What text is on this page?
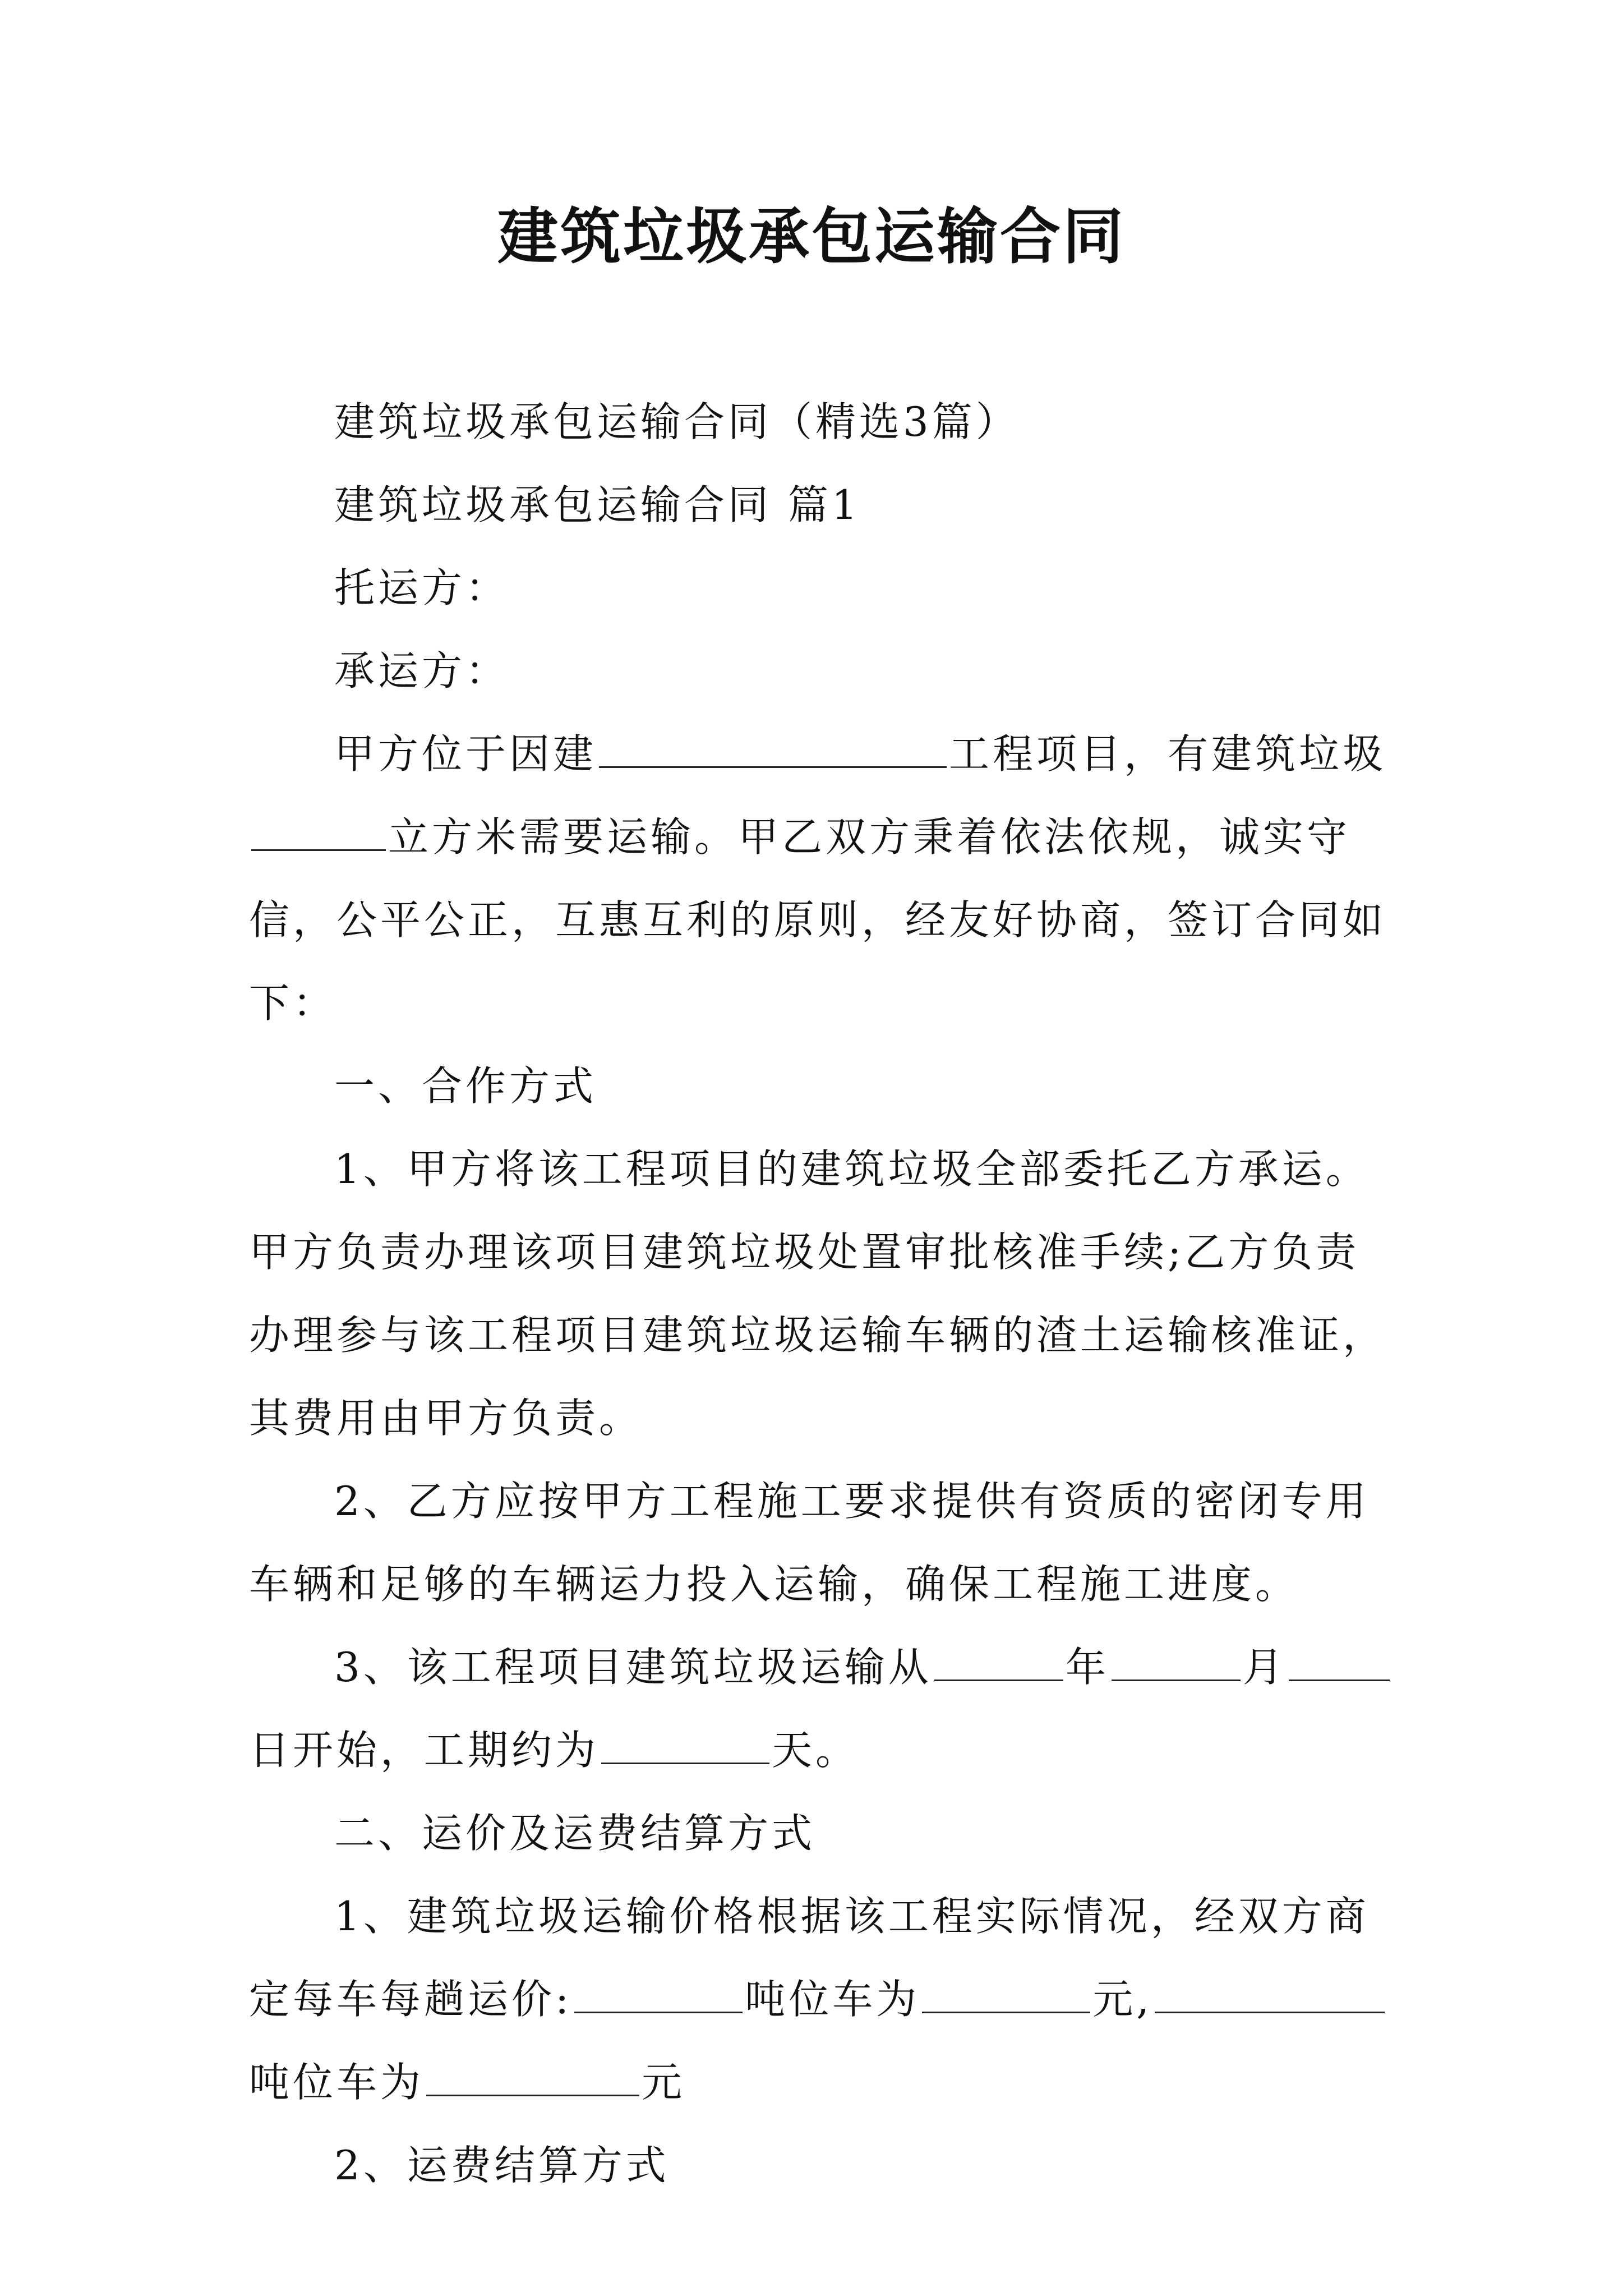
建筑垃圾承包运输合同

建筑垃圾承包运输合同（精选3篇）

建筑垃圾承包运输合同 篇1

托运方：

承运方：

甲方位于因建	工程项目，有建筑垃圾立方米需要运输。甲乙双方秉着依法依规，诚实守信，公平公正，互惠互利的原则，经友好协商，签订合同如下：

一、合作方式

1、甲方将该工程项目的建筑垃圾全部委托乙方承运。甲方负责办理该项目建筑垃圾处置审批核准手续;乙方负责办理参与该工程项目建筑垃圾运输车辆的渣土运输核准证，其费用由甲方负责。

2、乙方应按甲方工程施工要求提供有资质的密闭专用车辆和足够的车辆运力投入运输，确保工程施工进度。

3、该工程项目建筑垃圾运输从	年	月日开始，工期约为	天。

二、运价及运费结算方式

1、建筑垃圾运输价格根据该工程实际情况，经双方商定每车每趟运价:	吨位车为	元,吨位车为	元

2、运费结算方式
